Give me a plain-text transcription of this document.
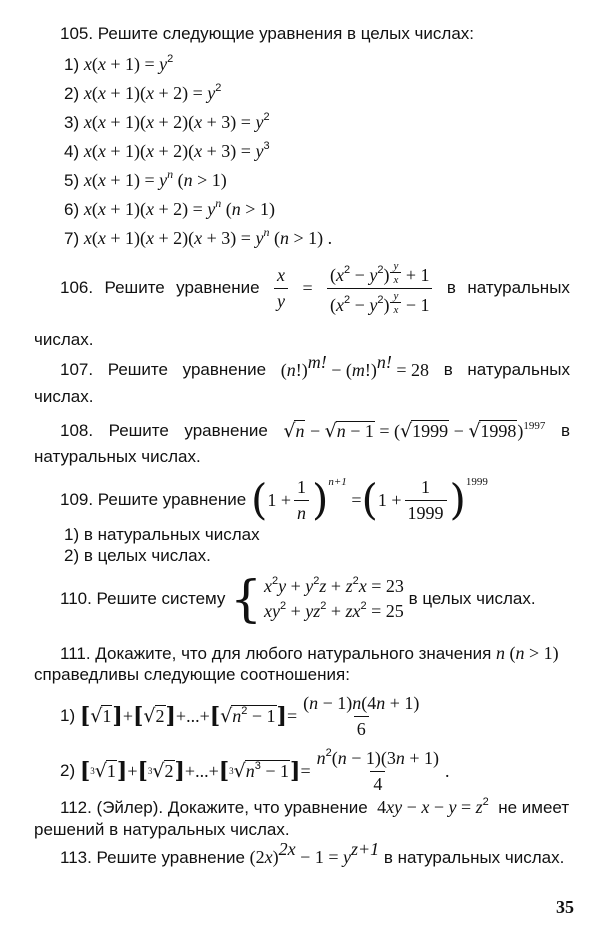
105. Решите следующие уравнения в целых числах:
1) $x(x + 1) = y^2$
2) $x(x + 1)(x + 2) = y^2$
3) $x(x + 1)(x + 2)(x + 3) = y^2$
4) $x(x + 1)(x + 2)(x + 3) = y^3$
5) $x(x + 1) = y^n$ (n > 1)
6) $x(x + 1)(x + 2) = y^n$ (n > 1)
7) $x(x + 1)(x + 2)(x + 3) = y^n$ (n > 1) .
106. Решите уравнение $\frac{x}{y} = \frac{(x^2 - y^2) \frac{y}{x} + 1}{(x^2 - y^2) \frac{y}{x} - 1}$ в натуральных
числах.
107. Решите уравнение $(n!)^{m!} - (m!)^{n!} = 28$ в натуральных
числах.
108. Решите уравнение $√n - √n - 1 = (√1999 - √1998)^{1997}$ в
натуральных числах.
109. Решите уравнение
( $1 + \frac{1}{n} )^{n+1}$
= ( $1 + \frac{1}{1999} )^{1999}$
1) в натуральных числах
2) в целых числах.
110. Решите систему
{ $x^2y + y^2z + z^2x = 23$
$xy^2 + yz^2 + zx^2 = 25$

в целых числах.
111. Докажите, что для любого натурального значения n (n > 1)
справедливы следующие соотношения:
1)
[ √ 1 ] + [ √ 2 ] +...+ [ √ $n^2 - 1$ ] = $\frac{(n - 1)n(4n + 1)}{6}$
2)
[ 3 √ 1 ] + [ 3 √ 2 ] +...+ [ 3 √ $n^3 - 1$ ] = $\frac{n^2(n - 1)(3n + 1)}{4}$ .
112. (Эйлер). Докажите, что уравнение $4xy - x - y = z^2$ не имеет
решений в натуральных числах.
113. Решите уравнение $(2x)^{2x} - 1 = y^{z+1}$ в натуральных числах.
35
